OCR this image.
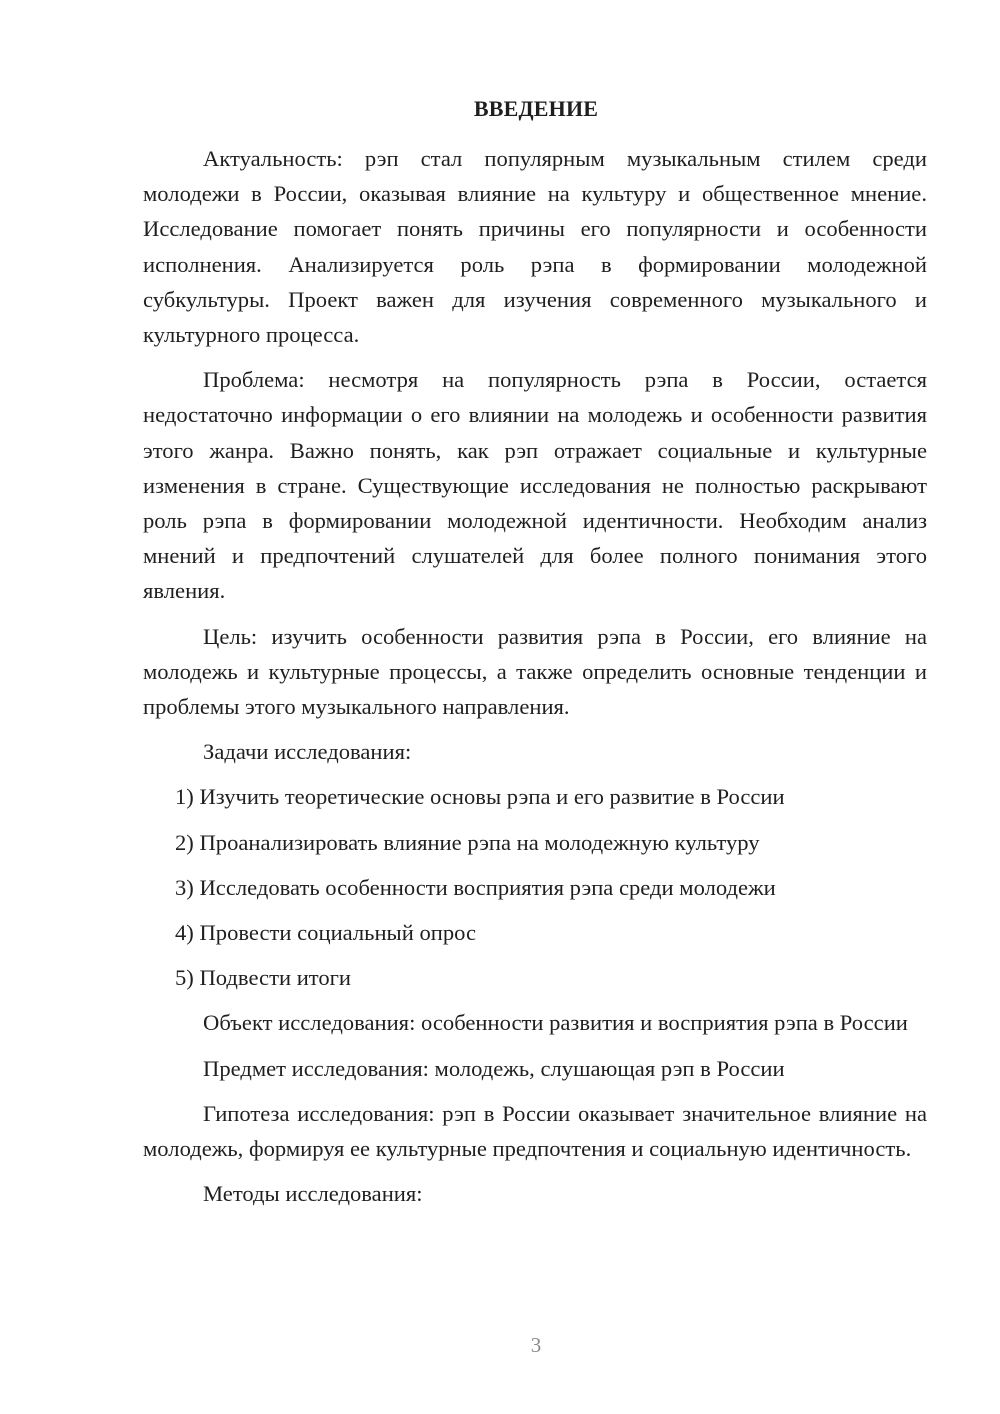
ВВЕДЕНИЕ

Актуальность: рэп стал популярным музыкальным стилем среди молодежи в России, оказывая влияние на культуру и общественное мнение. Исследование помогает понять причины его популярности и особенности исполнения. Анализируется роль рэпа в формировании молодежной субкультуры. Проект важен для изучения современного музыкального и культурного процесса.

Проблема: несмотря на популярность рэпа в России, остается недостаточно информации о его влиянии на молодежь и особенности развития этого жанра. Важно понять, как рэп отражает социальные и культурные изменения в стране. Существующие исследования не полностью раскрывают роль рэпа в формировании молодежной идентичности. Необходим анализ мнений и предпочтений слушателей для более полного понимания этого явления.

Цель: изучить особенности развития рэпа в России, его влияние на молодежь и культурные процессы, а также определить основные тенденции и проблемы этого музыкального направления.

Задачи исследования:

1) Изучить теоретические основы рэпа и его развитие в России

2) Проанализировать влияние рэпа на молодежную культуру

3) Исследовать особенности восприятия рэпа среди молодежи

4) Провести социальный опрос

5) Подвести итоги

Объект исследования: особенности развития и восприятия рэпа в России

Предмет исследования: молодежь, слушающая рэп в России

Гипотеза исследования: рэп в России оказывает значительное влияние на молодежь, формируя ее культурные предпочтения и социальную идентичность.

Методы исследования:

3
